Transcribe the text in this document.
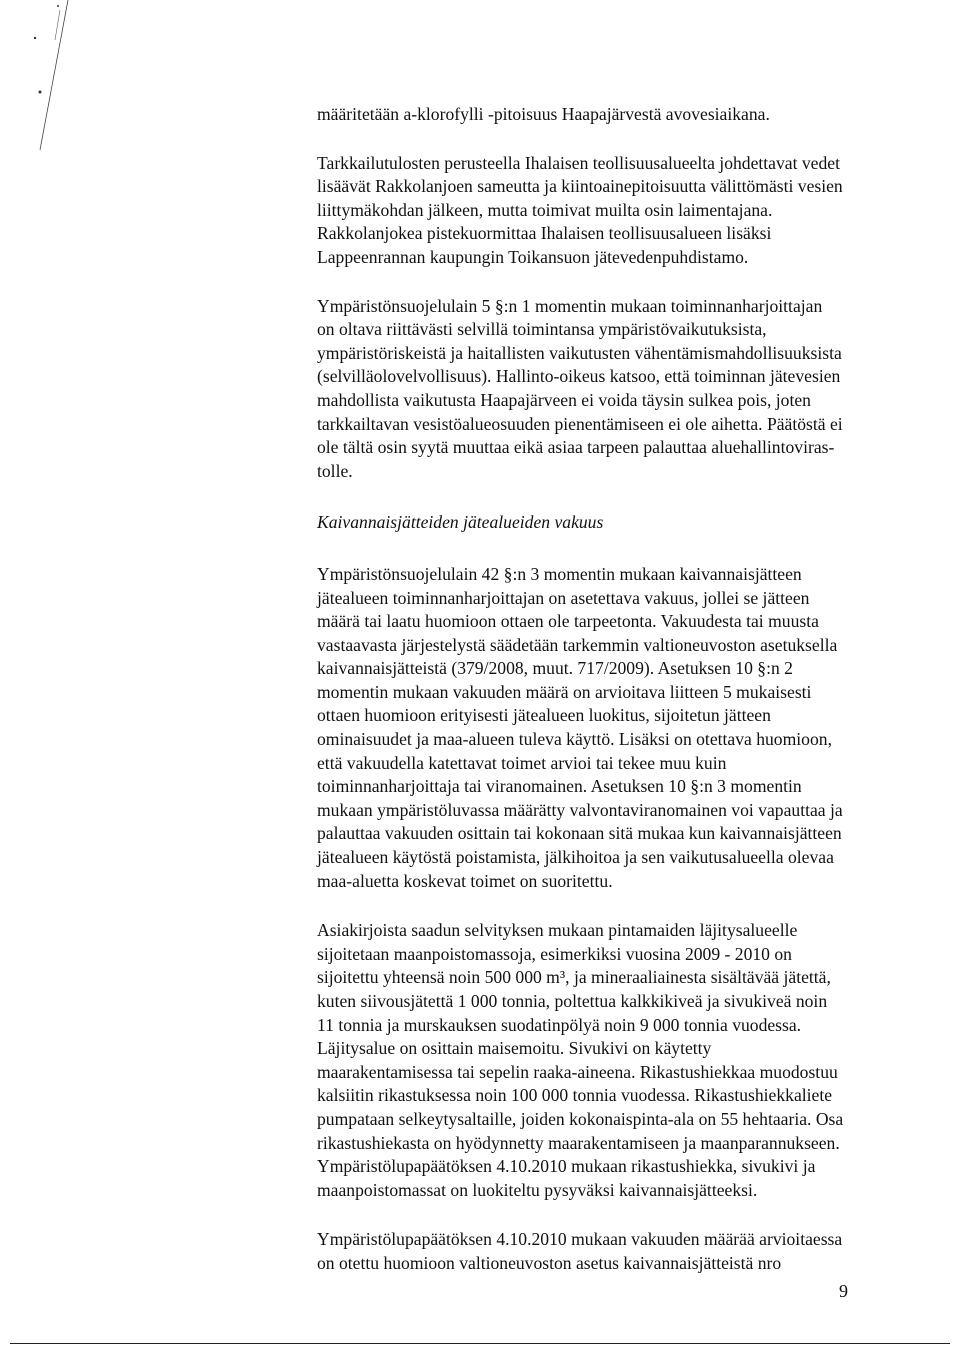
määritetään a-klorofylli -pitoisuus Haapajärvestä avovesiaikana.

Tarkkailutulosten perusteella Ihalaisen teollisuusalueelta johdettavat vedet
lisäävät Rakkolanjoen sameutta ja kiintoainepitoisuutta välittömästi vesien
liittymäkohdan jälkeen, mutta toimivat muilta osin laimentajana.
Rakkolanjokea pistekuormittaa Ihalaisen teollisuusalueen lisäksi
Lappeenrannan kaupungin Toikansuon jätevedenpuhdistamo.

Ympäristönsuojelulain 5 §:n 1 momentin mukaan toiminnanharjoittajan
on oltava riittävästi selvillä toimintansa ympäristövaikutuksista,
ympäristöriskeistä ja haitallisten vaikutusten vähentämismahdollisuuksista
(selvilläolovelvollisuus). Hallinto-oikeus katsoo, että toiminnan jätevesien
mahdollista vaikutusta Haapajärveen ei voida täysin sulkea pois, joten
tarkkailtavan vesistöalueosuuden pienentämiseen ei ole aihetta. Päätöstä ei
ole tältä osin syytä muuttaa eikä asiaa tarpeen palauttaa aluehallintoviras-
tolle.

Kaivannaisjätteiden jätealueiden vakuus

Ympäristönsuojelulain 42 §:n 3 momentin mukaan kaivannaisjätteen
jätealueen toiminnanharjoittajan on asetettava vakuus, jollei se jätteen
määrä tai laatu huomioon ottaen ole tarpeetonta. Vakuudesta tai muusta
vastaavasta järjestelystä säädetään tarkemmin valtioneuvoston asetuksella
kaivannaisjätteistä (379/2008, muut. 717/2009). Asetuksen 10 §:n 2
momentin mukaan vakuuden määrä on arvioitava liitteen 5 mukaisesti
ottaen huomioon erityisesti jätealueen luokitus, sijoitetun jätteen
ominaisuudet ja maa-alueen tuleva käyttö. Lisäksi on otettava huomioon,
että vakuudella katettavat toimet arvioi tai tekee muu kuin
toiminnanharjoittaja tai viranomainen. Asetuksen 10 §:n 3 momentin
mukaan ympäristöluvassa määrätty valvontaviranomainen voi vapauttaa ja
palauttaa vakuuden osittain tai kokonaan sitä mukaa kun kaivannaisjätteen
jätealueen käytöstä poistamista, jälkihoitoa ja sen vaikutusalueella olevaa
maa-aluetta koskevat toimet on suoritettu.

Asiakirjoista saadun selvityksen mukaan pintamaiden läjitysalueelle
sijoitetaan maanpoistomassoja, esimerkiksi vuosina 2009 - 2010 on
sijoitettu yhteensä noin 500 000 m³, ja mineraaliainesta sisältävää jätettä,
kuten siivousjätettä 1 000 tonnia, poltettua kalkkikiveä ja sivukiveä noin
11 tonnia ja murskauksen suodatinpölyä noin 9 000 tonnia vuodessa.
Läjitysalue on osittain maisemoitu. Sivukivi on käytetty
maarakentamisessa tai sepelin raaka-aineena. Rikastushiekkaa muodostuu
kalsiitin rikastuksessa noin 100 000 tonnia vuodessa. Rikastushiekkaliete
pumpataan selkeytysaltaille, joiden kokonaispinta-ala on 55 hehtaaria. Osa
rikastushiekasta on hyödynnetty maarakentamiseen ja maanparannukseen.
Ympäristölupapäätöksen 4.10.2010 mukaan rikastushiekka, sivukivi ja
maanpoistomassat on luokiteltu pysyväksi kaivannaisjätteeksi.

Ympäristölupapäätöksen 4.10.2010 mukaan vakuuden määrää arvioitaessa
on otettu huomioon valtioneuvoston asetus kaivannaisjätteistä nro

9
